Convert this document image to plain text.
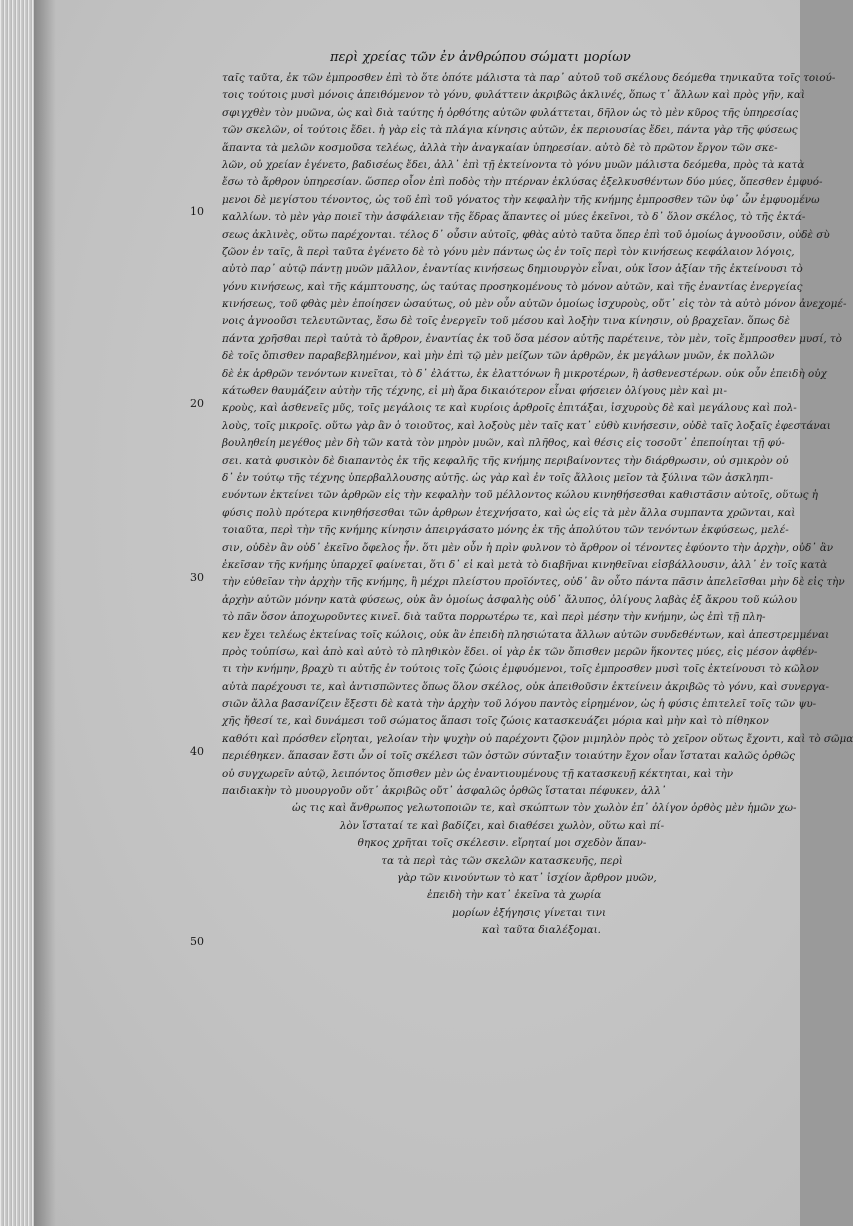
περὶ χρείας τῶν ἐν ἀνθρώπου σώματι μορίων
ταῖς ταῦτα, ἐκ τῶν ἐμπροσθεν ἐπὶ τὸ ὅτε ὁπότε μάλιστα τὰ παρ᾽ αὐτοῦ τοῦ σκέλους δεόμεθα τηνικαῦτα τοῖς τοιού-
τοις τούτοις μυσὶ μόνοις ἀπειθόμενον τὸ γόνυ, φυλάττειν ἀκριβῶς ἀκλινές, ὅπως τ᾽ ἄλλων καὶ πρὸς γῆν, καὶ
σφιγχθὲν τὸν μυῶνα, ὡς καὶ διὰ ταύτης ἡ ὀρθότης αὐτῶν φυλάττεται, δῆλον ὡς τὸ μὲν κῦρος τῆς ὑπηρεσίας
τῶν σκελῶν, οἱ τούτοις ἔδει. ἡ γὰρ εἰς τὰ πλάγια κίνησις αὐτῶν, ἐκ περιουσίας ἔδει, πάντα γὰρ τῆς φύσεως
ἅπαντα τὰ μελῶν κοσμοῦσα τελέως, ἀλλὰ τὴν ἀναγκαίαν ὑπηρεσίαν. αὐτὸ δὲ τὸ πρῶτον ἔργον τῶν σκε-
λῶν, οὐ χρείαν ἐγένετο, βαδισέως ἔδει, ἀλλ᾽ ἐπὶ τῇ ἐκτείνοντα τὸ γόνυ μυῶν μάλιστα δεόμεθα, πρὸς τὰ κατὰ
ἔσω τὸ ἄρθρον ὑπηρεσίαν. ὥσπερ οἷον ἐπὶ ποδὸς τὴν πτέρναν ἐκλύσας ἐξελκυσθέντων δύο μύες, ὅπεσθεν ἐμφυό-
μενοι δὲ μεγίστου τένοντος, ὡς τοῦ ἐπὶ τοῦ γόνατος τὴν κεφαλὴν τῆς κνήμης ἐμπροσθεν τῶν ὑφ᾽ ὧν ἐμφυομένω
καλλίων. τὸ μὲν γὰρ ποιεῖ τὴν ἀσφάλειαν τῆς ἕδρας ἅπαντες οἱ μύες ἐκεῖνοι, τὸ δ᾽ ὅλον σκέλος, τὸ τῆς ἐκτά-
σεως ἀκλινὲς, οὕτω παρέχονται. τέλος δ᾽ οὖσιν αὐτοῖς, φθὰς αὐτὸ ταῦτα ὅπερ ἐπὶ τοῦ ὁμοίως ἀγνοοῦσιν, οὐδὲ σὺ
ζῶον ἐν ταῖς, ἃ περὶ ταῦτα ἐγένετο δὲ τὸ γόνυ μὲν πάντως ὡς ἐν τοῖς περὶ τὸν κινήσεως κεφάλαιον λόγοις,
αὐτὸ παρ᾽ αὐτῷ πάντῃ μυῶν μᾶλλον, ἐναντίας κινήσεως δημιουργὸν εἶναι, οὐκ ἴσον ἀξίαν τῆς ἐκτείνουσι τὸ
γόνυ κινήσεως, καὶ τῆς κάμπτουσης, ὡς ταύτας προσηκομένους τὸ μόνον αὐτῶν, καὶ τῆς ἐναντίας ἐνεργείας
κινήσεως, τοῦ φθὰς μὲν ἐποίησεν ὡσαύτως, οὐ μὲν οὖν αὐτῶν ὁμοίως ἰσχυροὺς, οὔτ᾽ εἰς τὸν τὰ αὐτὸ μόνον ἀνεχομέ-
νοις ἀγνοοῦσι τελευτῶντας, ἔσω δὲ τοῖς ἐνεργεῖν τοῦ μέσου καὶ λοξὴν τινα κίνησιν, οὐ βραχεῖαν. ὅπως δὲ
πάντα χρῆσθαι περὶ ταὐτὰ τὸ ἄρθρον, ἐναντίας ἐκ τοῦ ὅσα μέσον αὐτῆς παρέτεινε, τὸν μὲν, τοῖς ἔμπροσθεν μυσί, τὸ
δὲ τοῖς ὄπισθεν παραβεβλημένον, καὶ μὴν ἐπὶ τῷ μὲν μείζων τῶν ἀρθρῶν, ἐκ μεγάλων μυῶν, ἐκ πολλῶν
δὲ ἐκ ἀρθρῶν τενόντων κινεῖται, τὸ δ᾽ ἐλάττω, ἐκ ἐλαττόνων ἢ μικροτέρων, ἢ ἀσθενεστέρων. οὐκ οὖν ἐπειδὴ οὐχ
κάτωθεν θαυμάζειν αὐτὴν τῆς τέχνης, εἰ μὴ ἄρα δικαιότερον εἶναι φήσειεν ὀλίγους μὲν καὶ μι-
κροὺς, καὶ ἀσθενεῖς μῦς, τοῖς μεγάλοις τε καὶ κυρίοις ἀρθροῖς ἐπιτάξαι, ἰσχυροὺς δὲ καὶ μεγάλους καὶ πολ-
λοὺς, τοῖς μικροῖς. οὕτω γὰρ ἂν ὁ τοιοῦτος, καὶ λοξοὺς μὲν ταῖς κατ᾽ εὐθὺ κινήσεσιν, οὐδὲ ταῖς λοξαῖς ἐφεστάναι
βουληθείη μεγέθος μὲν δὴ τῶν κατὰ τὸν μηρὸν μυῶν, καὶ πλῆθος, καὶ θέσις εἰς τοσοῦτ᾽ ἐπεποίηται τῇ φύ-
σει. κατὰ φυσικὸν δὲ διαπαντὸς ἐκ τῆς κεφαλῆς τῆς κνήμης περιβαίνοντες τὴν διάρθρωσιν, οὐ σμικρὸν οὐ
δ᾽ ἐν τούτῳ τῆς τέχνης ὑπερβαλλουσης αὐτῆς. ὡς γὰρ καὶ ἐν τοῖς ἄλλοις μεῖον τὰ ξύλινα τῶν ἀσκληπι-
ευόντων ἐκτείνει τῶν ἀρθρῶν εἰς τὴν κεφαλὴν τοῦ μέλλοντος κώλου κινηθήσεσθαι καθιστᾶσιν αὐτοῖς, οὕτως ἡ
φύσις πολὺ πρότερα κινηθήσεσθαι τῶν ἀρθρων ἐτεχνήσατο, καὶ ὡς εἰς τὰ μὲν ἄλλα συμπαντα χρῶνται, καὶ
τοιαῦτα, περὶ τὴν τῆς κνήμης κίνησιν ἀπειργάσατο μόνης ἐκ τῆς ἀπολύτου τῶν τενόντων ἐκφύσεως, μελέ-
σιν, οὐδὲν ἂν οὐδ᾽ ἐκεῖνο ὄφελος ἦν. ὅτι μὲν οὖν ἡ πρὶν φυλνον τὸ ἄρθρον οἱ τένοντες ἐφύοντο τὴν ἀρχὴν, οὐδ᾽ ἂν
ἐκεῖσαν τῆς κνήμης ὑπαρχεῖ φαίνεται, ὅτι δ᾽ εἰ καὶ μετὰ τὸ διαβῆναι κινηθεῖναι εἰσβάλλουσιν, ἀλλ᾽ ἐν τοῖς κατὰ
τὴν εὐθεῖαν τὴν ἀρχὴν τῆς κνήμης, ἢ μέχρι πλείστου προϊόντες, οὐδ᾽ ἂν οὗτο πάντα πᾶσιν ἀπελεῖσθαι μὴν δὲ εἰς τὴν
ἀρχὴν αὐτῶν μόνην κατὰ φύσεως, οὐκ ἂν ὁμοίως ἀσφαλὴς οὐδ᾽ ἄλυπος, ὀλίγους λαβὰς ἐξ ἄκρου τοῦ κώλου
τὸ πᾶν ὅσον ἀποχωροῦντες κινεῖ. διὰ ταῦτα πορρωτέρω τε, καὶ περὶ μέσην τὴν κνήμην, ὡς ἐπὶ τῇ πλη-
κεν ἔχει τελέως ἐκτείνας τοῖς κώλοις, οὐκ ἂν ἐπειδὴ πλησιώτατα ἄλλων αὐτῶν συνδεθέντων, καὶ ἀπεστρεμμέναι
πρὸς τοὐπίσω, καὶ ἀπὸ καὶ αὐτὸ τὸ πληθικὸν ἔδει. οἱ γὰρ ἐκ τῶν ὄπισθεν μερῶν ἥκοντες μύες, εἰς μέσον ἀφθέν-
τι τὴν κνήμην, βραχὺ τι αὐτῆς ἐν τούτοις τοῖς ζώοις ἐμφυόμενοι, τοῖς ἐμπροσθεν μυσὶ τοῖς ἐκτείνουσι τὸ κῶλον
αὐτὰ παρέχουσι τε, καὶ ἀντισπῶντες ὅπως ὅλον σκέλος, οὐκ ἀπειθοῦσιν ἐκτείνειν ἀκριβῶς τὸ γόνυ, καὶ συνεργα-
σιῶν ἄλλα βασανίζειν ἔξεστι δὲ κατὰ τὴν ἀρχὴν τοῦ λόγου παντὸς εἰρημένον, ὡς ἡ φύσις ἐπιτελεῖ τοῖς τῶν ψυ-
χῆς ἤθεσί τε, καὶ δυνάμεσι τοῦ σώματος ἅπασι τοῖς ζώοις κατασκευάζει μόρια καὶ μὴν καὶ τὸ πίθηκον
καθότι καὶ πρόσθεν εἴρηται, γελοίαν τὴν ψυχὴν οὐ παρέχοντι ζῷον μιμηλὸν πρὸς τὸ χεῖρον οὕτως ἔχοντι, καὶ τὸ σῶμα
περιέθηκεν. ἅπασαν ἔστι ὧν οἱ τοῖς σκέλεσι τῶν ὀστῶν σύνταξιν τοιαύτην ἔχον οἷαν ἵσταται καλῶς ὀρθῶς
οὐ συγχωρεῖν αὐτῷ, λειπόντος ὅπισθεν μὲν ὡς ἐναντιουμένους τῇ κατασκευῇ κέκτηται, καὶ τὴν
παιδιακὴν τὸ μυουργοῦν οὔτ᾽ ἀκριβῶς οὔτ᾽ ἀσφαλῶς ὀρθῶς ἵσταται πέφυκεν, ἀλλ᾽
ὡς τις καὶ ἄνθρωπος γελωτοποιῶν τε, καὶ σκώπτων τὸν χωλὸν ἐπ᾽ ὀλίγον ὀρθὸς μὲν ἡμῶν χω-
λὸν ἵσταταί τε καὶ βαδίζει, καὶ διαθέσει χωλὸν, οὕτω καὶ πί-
θηκος χρῆται τοῖς σκέλεσιν. εἴρηταί μοι σχεδὸν ἅπαν-
τα τὰ περὶ τὰς τῶν σκελῶν κατασκευῆς, περὶ
γὰρ τῶν κινούντων τὸ κατ᾽ ἰσχίον ἄρθρον μυῶν,
ἐπειδὴ τὴν κατ᾽ ἐκεῖνα τὰ χωρία
μορίων ἐξήγησις γίνεται τινι
καὶ ταῦτα διαλέξομαι.
10
20
30
40
50
